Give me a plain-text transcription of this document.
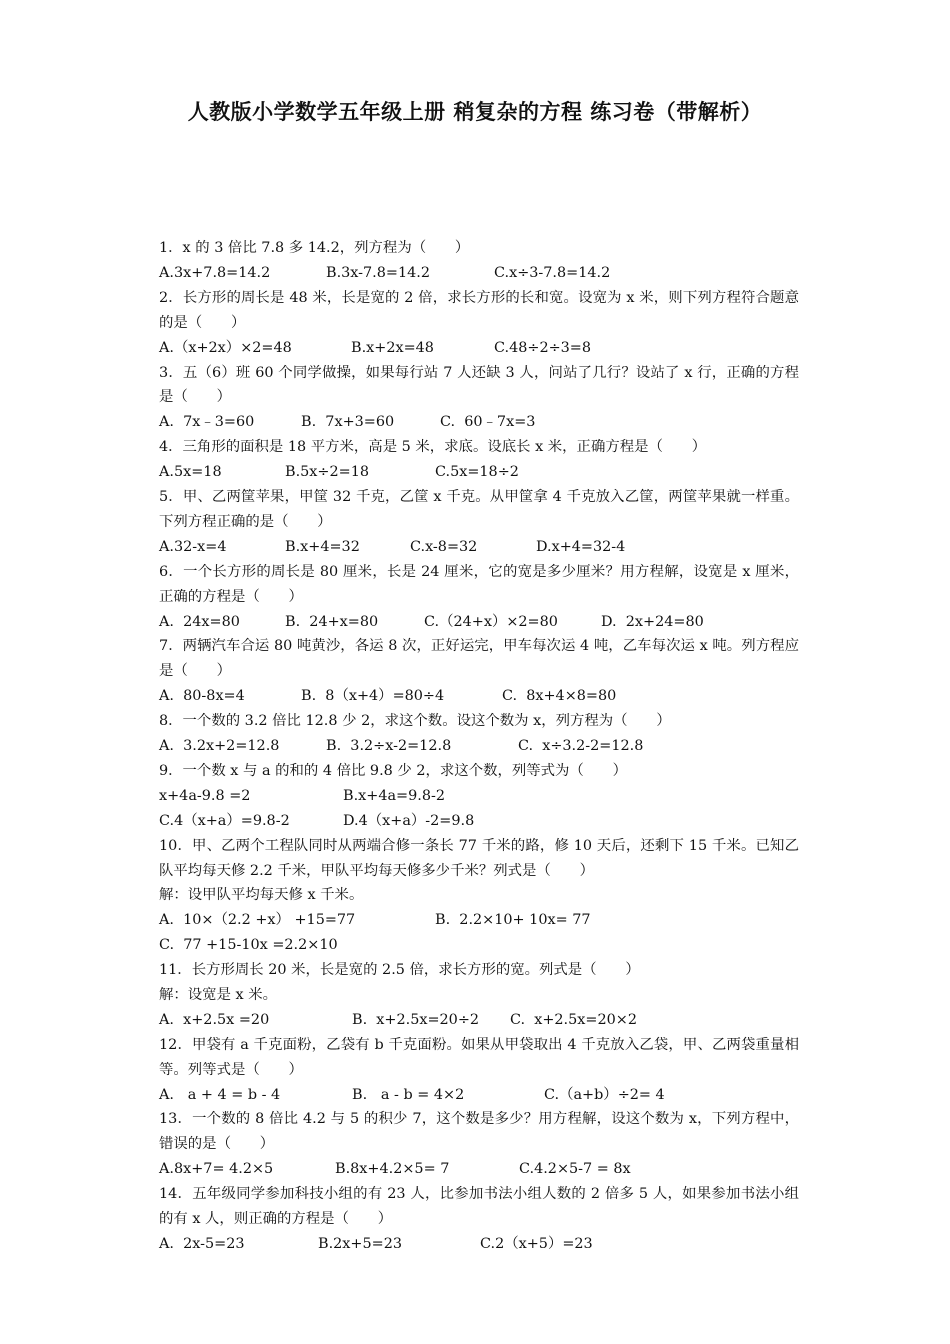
人教版小学数学五年级上册 稍复杂的方程 练习卷（带解析）
1．x 的 3 倍比 7.8 多 14.2，列方程为（　　）
A.3x+7.8=14.2	B.3x-7.8=14.2	C.x÷3-7.8=14.2
2．长方形的周长是 48 米，长是宽的 2 倍，求长方形的长和宽。设宽为 x 米，则下列方程符合题意的是（　　）
A.（x+2x）×2=48	B.x+2x=48	C.48÷2÷3=8
3．五（6）班 60 个同学做操，如果每行站 7 人还缺 3 人，问站了几行？设站了 x 行，正确的方程是（　　）
A.  7x﹣3=60	B.  7x+3=60	C.  60﹣7x=3
4．三角形的面积是 18 平方米，高是 5 米，求底。设底长 x 米，正确方程是（　　）
A.5x=18	B.5x÷2=18	C.5x=18÷2
5．甲、乙两筐苹果，甲筐 32 千克，乙筐 x 千克。从甲筐拿 4 千克放入乙筐，两筐苹果就一样重。下列方程正确的是（　　）
A.32-x=4	B.x+4=32	C.x-8=32	D.x+4=32-4
6．一个长方形的周长是 80 厘米，长是 24 厘米，它的宽是多少厘米？用方程解，设宽是 x 厘米，正确的方程是（　　）
A.  24x=80	B.  24+x=80	C.（24+x）×2=80	D.  2x+24=80
7．两辆汽车合运 80 吨黄沙，各运 8 次，正好运完，甲车每次运 4 吨，乙车每次运 x 吨。列方程应是（　　）
A.  80-8x=4	B.  8（x+4）=80÷4	C.  8x+4×8=80
8．一个数的 3.2 倍比 12.8 少 2，求这个数。设这个数为 x，列方程为（　　）
A.  3.2x+2=12.8	B.  3.2÷x-2=12.8	C.  x÷3.2-2=12.8
9．一个数 x 与 a 的和的 4 倍比 9.8 少 2，求这个数，列等式为（　　）
x+4a-9.8 =2	B.x+4a=9.8-2
C.4（x+a）=9.8-2	D.4（x+a）-2=9.8
10．甲、乙两个工程队同时从两端合修一条长 77 千米的路，修 10 天后，还剩下 15 千米。已知乙队平均每天修 2.2 千米，甲队平均每天修多少千米？列式是（　　）
解：设甲队平均每天修 x 千米。
A.  10×（2.2 +x） +15=77	B.  2.2×10+ 10x= 77
C.  77 +15-10x =2.2×10
11．长方形周长 20 米，长是宽的 2.5 倍，求长方形的宽。列式是（　　）
解：设宽是 x 米。
A.  x+2.5x =20	B.  x+2.5x=20÷2	C.  x+2.5x=20×2
12．甲袋有 a 千克面粉，乙袋有 b 千克面粉。如果从甲袋取出 4 千克放入乙袋，甲、乙两袋重量相等。列等式是（　　）
A.   a + 4 = b - 4	B.   a - b = 4×2	C.（a+b）÷2= 4
13．一个数的 8 倍比 4.2 与 5 的积少 7，这个数是多少？用方程解，设这个数为 x，下列方程中，错误的是（　　）
A.8x+7= 4.2×5	B.8x+4.2×5= 7	C.4.2×5-7 = 8x
14．五年级同学参加科技小组的有 23 人，比参加书法小组人数的 2 倍多 5 人，如果参加书法小组的有 x 人，则正确的方程是（　　）
A.  2x-5=23	B.2x+5=23	C.2（x+5）=23
